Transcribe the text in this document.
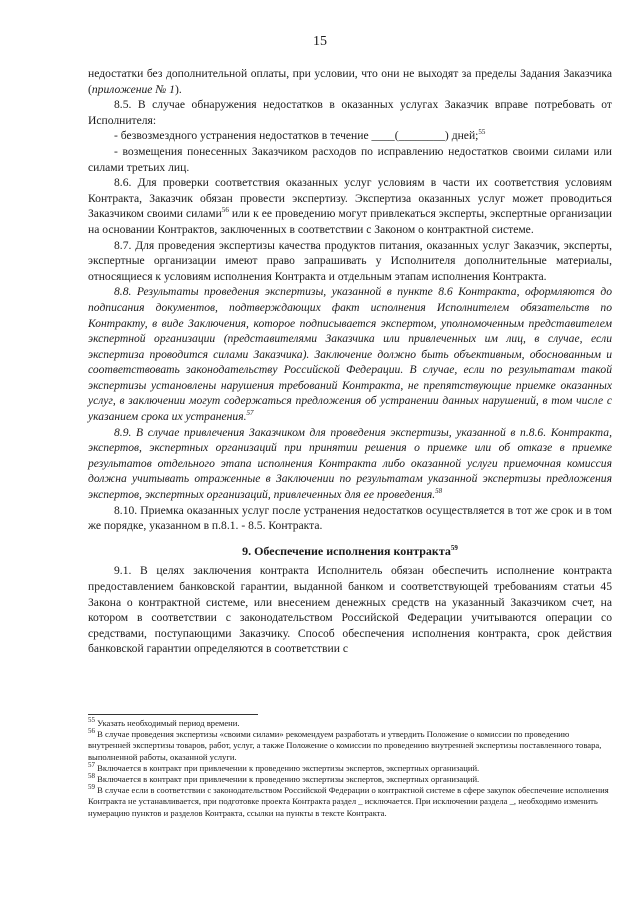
15

недостатки без дополнительной оплаты, при условии, что они не выходят за пределы Задания Заказчика (приложение № 1).

8.5. В случае обнаружения недостатков в оказанных услугах Заказчик вправе потребовать от Исполнителя:

- безвозмездного устранения недостатков в течение ____(________) дней;$^{55}$

- возмещения понесенных Заказчиком расходов по исправлению недостатков своими силами или силами третьих лиц.

8.6. Для проверки соответствия оказанных услуг условиям в части их соответствия условиям Контракта, Заказчик обязан провести экспертизу. Экспертиза оказанных услуг может проводиться Заказчиком своими силами$^{56}$ или к ее проведению могут привлекаться эксперты, экспертные организации на основании Контрактов, заключенных в соответствии с Законом о контрактной системе.

8.7. Для проведения экспертизы качества продуктов питания, оказанных услуг Заказчик, эксперты, экспертные организации имеют право запрашивать у Исполнителя дополнительные материалы, относящиеся к условиям исполнения Контракта и отдельным этапам исполнения Контракта.

8.8. Результаты проведения экспертизы, указанной в пункте 8.6 Контракта, оформляются до подписания документов, подтверждающих факт исполнения Исполнителем обязательств по Контракту, в виде Заключения, которое подписывается экспертом, уполномоченным представителем экспертной организации (представителями Заказчика или привлеченных им лиц, в случае, если экспертиза проводится силами Заказчика). Заключение должно быть объективным, обоснованным и соответствовать законодательству Российской Федерации. В случае, если по результатам такой экспертизы установлены нарушения требований Контракта, не препятствующие приемке оказанных услуг, в заключении могут содержаться предложения об устранении данных нарушений, в том числе с указанием срока их устранения.$^{57}$

8.9. В случае привлечения Заказчиком для проведения экспертизы, указанной в п.8.6. Контракта, экспертов, экспертных организаций при принятии решения о приемке или об отказе в приемке результатов отдельного этапа исполнения Контракта либо оказанной услуги приемочная комиссия должна учитывать отраженные в Заключении по результатам указанной экспертизы предложения экспертов, экспертных организаций, привлеченных для ее проведения.$^{58}$

8.10. Приемка оказанных услуг после устранения недостатков осуществляется в тот же срок и в том же порядке, указанном в п.8.1. - 8.5. Контракта.

9. Обеспечение исполнения контракта$^{59}$

9.1. В целях заключения контракта Исполнитель обязан обеспечить исполнение контракта предоставлением банковской гарантии, выданной банком и соответствующей требованиям статьи 45 Закона о контрактной системе, или внесением денежных средств на указанный Заказчиком счет, на котором в соответствии с законодательством Российской Федерации учитываются операции со средствами, поступающими Заказчику. Способ обеспечения исполнения контракта, срок действия банковской гарантии определяются в соответствии с

$^{55}$ Указать необходимый период времени.

$^{56}$ В случае проведения экспертизы «своими силами» рекомендуем разработать и утвердить Положение о комиссии по проведению внутренней экспертизы товаров, работ, услуг, а также Положение о комиссии по проведению внутренней экспертизы поставленного товара, выполненной работы, оказанной услуги.

$^{57}$ Включается в контракт при привлечении к проведению экспертизы экспертов, экспертных организаций.

$^{58}$ Включается в контракт при привлечении к проведению экспертизы экспертов, экспертных организаций.

$^{59}$ В случае если в соответствии с законодательством Российской Федерации о контрактной системе в сфере закупок обеспечение исполнения Контракта не устанавливается, при подготовке проекта Контракта раздел _ исключается. При исключении раздела _, необходимо изменить нумерацию пунктов и разделов Контракта, ссылки на пункты в тексте Контракта.
